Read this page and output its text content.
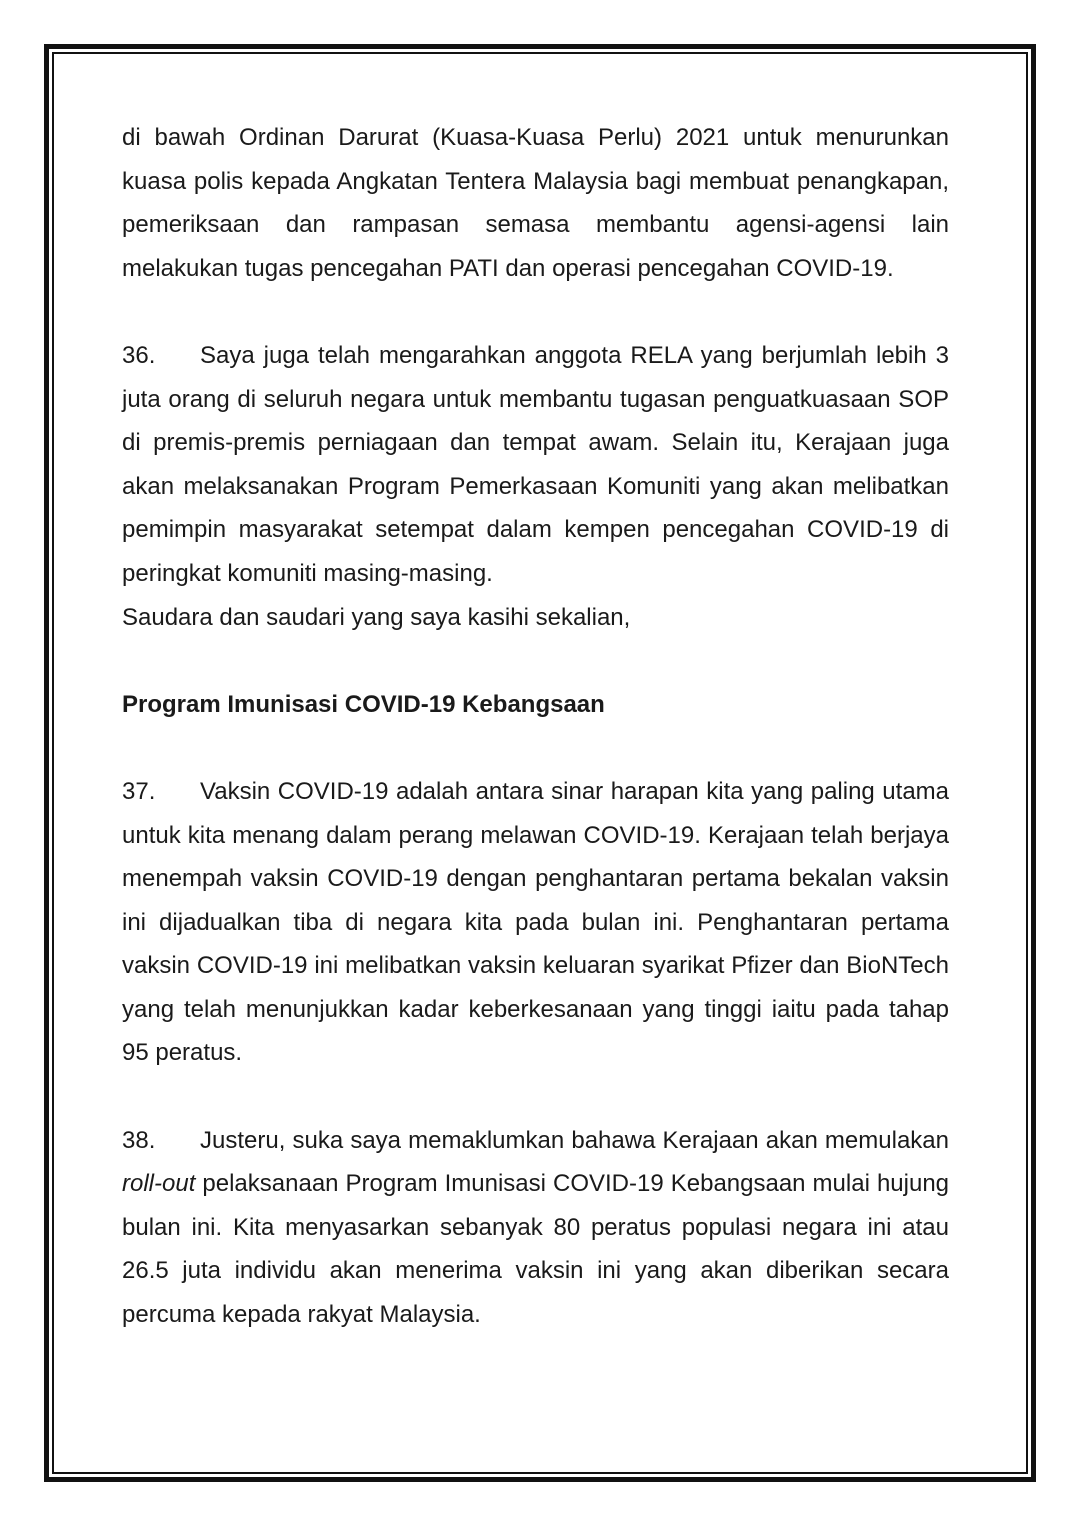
di bawah Ordinan Darurat (Kuasa-Kuasa Perlu) 2021 untuk menurunkan kuasa polis kepada Angkatan Tentera Malaysia bagi membuat penangkapan, pemeriksaan dan rampasan semasa membantu agensi-agensi lain melakukan tugas pencegahan PATI dan operasi pencegahan COVID-19.

36. Saya juga telah mengarahkan anggota RELA yang berjumlah lebih 3 juta orang di seluruh negara untuk membantu tugasan penguatkuasaan SOP di premis-premis perniagaan dan tempat awam. Selain itu, Kerajaan juga akan melaksanakan Program Pemerkasaan Komuniti yang akan melibatkan pemimpin masyarakat setempat dalam kempen pencegahan COVID-19 di peringkat komuniti masing-masing.

Saudara dan saudari yang saya kasihi sekalian,

Program Imunisasi COVID-19 Kebangsaan

37. Vaksin COVID-19 adalah antara sinar harapan kita yang paling utama untuk kita menang dalam perang melawan COVID-19. Kerajaan telah berjaya menempah vaksin COVID-19 dengan penghantaran pertama bekalan vaksin ini dijadualkan tiba di negara kita pada bulan ini. Penghantaran pertama vaksin COVID-19 ini melibatkan vaksin keluaran syarikat Pfizer dan BioNTech yang telah menunjukkan kadar keberkesanaan yang tinggi iaitu pada tahap 95 peratus.

38. Justeru, suka saya memaklumkan bahawa Kerajaan akan memulakan roll-out pelaksanaan Program Imunisasi COVID-19 Kebangsaan mulai hujung bulan ini. Kita menyasarkan sebanyak 80 peratus populasi negara ini atau 26.5 juta individu akan menerima vaksin ini yang akan diberikan secara percuma kepada rakyat Malaysia.
